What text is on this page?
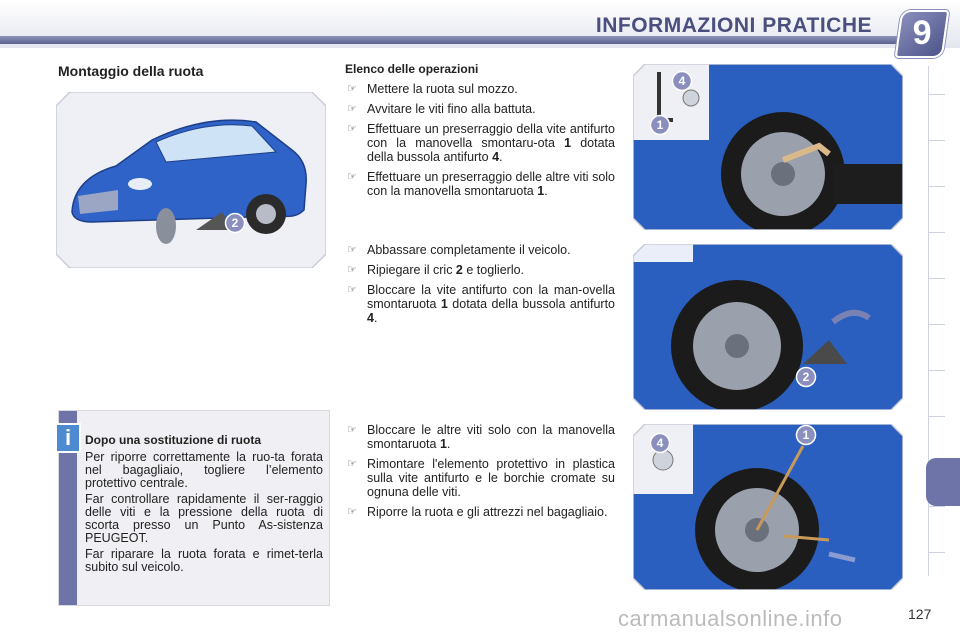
INFORMAZIONI PRATICHE	9
Montaggio della ruota
2
Elenco delle operazioni
☞ Mettere la ruota sul mozzo.
☞ Avvitare le viti fino alla battuta.
☞ Effettuare un preserraggio della vite antifurto con la manovella smontaru-ota 1 dotata della bussola antifurto 4.
☞ Effettuare un preserraggio delle altre viti solo con la manovella smontaruota 1.
☞ Abbassare completamente il veicolo.
☞ Ripiegare il cric 2 e toglierlo.
☞ Bloccare la vite antifurto con la man-ovella smontaruota 1 dotata della bussola antifurto 4.
☞ Bloccare le altre viti solo con la manovella smontaruota 1.
☞ Rimontare l'elemento protettivo in plastica sulla vite antifurto e le borchie cromate su ognuna delle viti.
☞ Riporre la ruota e gli attrezzi nel bagagliaio.
4
1
2
4
1
i	Dopo una sostituzione di ruota

Per riporre correttamente la ruo-ta forata nel bagagliaio, togliere l’elemento protettivo centrale.

Far controllare rapidamente il ser-raggio delle viti e la pressione della ruota di scorta presso un Punto As-sistenza PEUGEOT.

Far riparare la ruota forata e rimet-terla subito sul veicolo.

carmanualsonline.info	127
